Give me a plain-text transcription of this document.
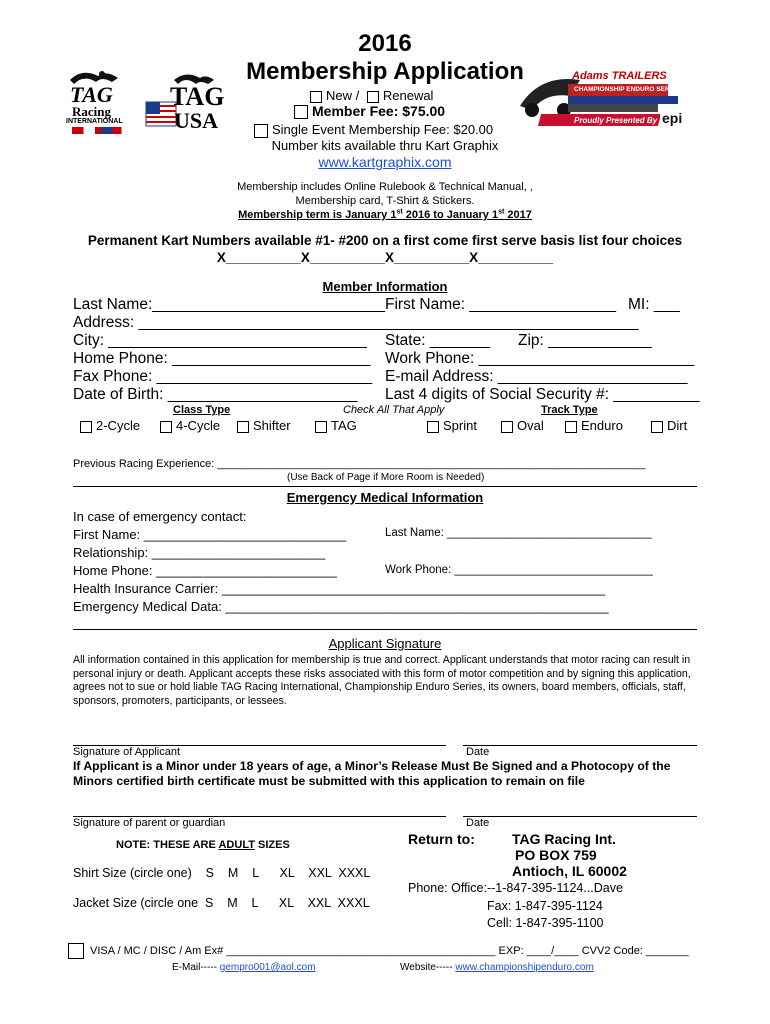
TAG
Racing
INTERNATIONAL
TAG
USA
Adams TRAILERS
CHAMPIONSHIP ENDURO SERIES
Proudly Presented By epi
2016
Membership Application
New / Renewal
Member Fee: $75.00
Single Event Membership Fee: $20.00
Number kits available thru Kart Graphix
www.kartgraphix.com
Membership includes Online Rulebook & Technical Manual, ,
Membership card, T-Shirt & Stickers.
Membership term is January 1st 2016 to January 1st 2017
Permanent Kart Numbers available #1- #200 on a first come first serve basis list four choices
X__________X__________X__________X__________
Member Information
Last Name:___________________________ First Name: _________________ MI: ___
Address: __________________________________________________________
City: ______________________________ State: _______ Zip: ____________
Home Phone: _______________________ Work Phone: _________________________
Fax Phone: _________________________ E-mail Address: ______________________
Date of Birth: ______________________ Last 4 digits of Social Security #: __________
Class Type	Check All That Apply	Track Type
2-Cycle	4-Cycle	Shifter	TAG	Sprint	Oval	Enduro	Dirt
Previous Racing Experience: ______________________________________________________________________
(Use Back of Page if More Room is Needed)
Emergency Medical Information
In case of emergency contact:
First Name: ____________________________	Last Name: ________________________________
Relationship: ________________________
Home Phone: _________________________	Work Phone: _______________________________
Health Insurance Carrier: _____________________________________________________
Emergency Medical Data: _____________________________________________________
Applicant Signature
All information contained in this application for membership is true and correct. Applicant understands that motor racing can result in personal injury or death. Applicant accepts these risks associated with this form of motor competition and by signing this application, agrees not to sue or hold liable TAG Racing International, Championship Enduro Series, its owners, board members, officials, staff, sponsors, promoters, participants, or lessees.
Signature of Applicant	Date
If Applicant is a Minor under 18 years of age, a Minor’s Release Must Be Signed and a Photocopy of the Minors certified birth certificate must be submitted with this application to remain on file
Signature of parent or guardian	Date
NOTE: THESE ARE ADULT SIZES
Shirt Size (circle one)    S    M    L      XL    XXL  XXXL
Jacket Size (circle one  S    M    L      XL    XXL  XXXL
Return to:	TAG Racing Int.
PO BOX 759
Antioch, IL 60002
Phone: Office:--1-847-395-1124...Dave
Fax: 1-847-395-1124
Cell: 1-847-395-1100
VISA / MC / DISC / Am Ex# ____________________________________________ EXP: ____/____ CVV2 Code: _______
E-Mail----- gempro001@aol.com	Website----- www.championshipenduro.com
